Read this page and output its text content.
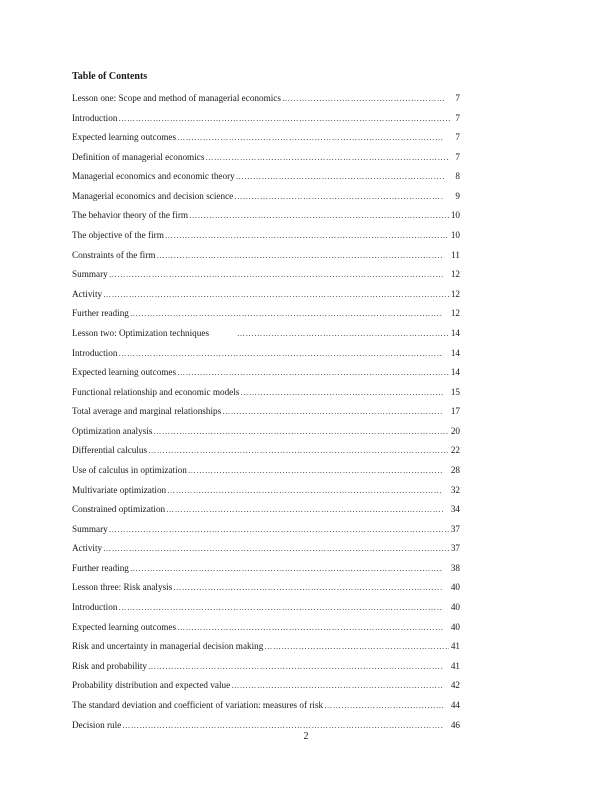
Table of Contents
Lesson one: Scope and method of managerial economics …………………………………………………………………………………………………………………………………………………………………………	7
Introduction …………………………………………………………………………………………………………………………………………………………………………	7
Expected learning outcomes …………………………………………………………………………………………………………………………………………………………………………	7
Definition of managerial economics …………………………………………………………………………………………………………………………………………………………………………	7
Managerial economics and economic theory …………………………………………………………………………………………………………………………………………………………………………	8
Managerial economics and decision science …………………………………………………………………………………………………………………………………………………………………………	9
The behavior theory of the firm …………………………………………………………………………………………………………………………………………………………………………	10
The objective of the firm …………………………………………………………………………………………………………………………………………………………………………	10
Constraints of the firm …………………………………………………………………………………………………………………………………………………………………………	11
Summary …………………………………………………………………………………………………………………………………………………………………………	12
Activity …………………………………………………………………………………………………………………………………………………………………………	12
Further reading …………………………………………………………………………………………………………………………………………………………………………	12
Lesson two: Optimization techniques …………………………………………………………………………………………………………………………………………………………………………	14
Introduction …………………………………………………………………………………………………………………………………………………………………………	14
Expected learning outcomes …………………………………………………………………………………………………………………………………………………………………………	14
Functional relationship and economic models …………………………………………………………………………………………………………………………………………………………………………	15
Total average and marginal relationships …………………………………………………………………………………………………………………………………………………………………………	17
Optimization analysis …………………………………………………………………………………………………………………………………………………………………………	20
Differential calculus …………………………………………………………………………………………………………………………………………………………………………	22
Use of calculus in optimization …………………………………………………………………………………………………………………………………………………………………………	28
Multivariate optimization …………………………………………………………………………………………………………………………………………………………………………	32
Constrained optimization …………………………………………………………………………………………………………………………………………………………………………	34
Summary …………………………………………………………………………………………………………………………………………………………………………	37
Activity …………………………………………………………………………………………………………………………………………………………………………	37
Further reading …………………………………………………………………………………………………………………………………………………………………………	38
Lesson three: Risk analysis …………………………………………………………………………………………………………………………………………………………………………	40
Introduction …………………………………………………………………………………………………………………………………………………………………………	40
Expected learning outcomes …………………………………………………………………………………………………………………………………………………………………………	40
Risk and uncertainty in managerial decision making …………………………………………………………………………………………………………………………………………………………………………	41
Risk and probability …………………………………………………………………………………………………………………………………………………………………………	41
Probability distribution and expected value …………………………………………………………………………………………………………………………………………………………………………	42
The standard deviation and coefficient of variation: measures of risk …………………………………………………………………………………………………………………………………………………………………………	44
Decision rule …………………………………………………………………………………………………………………………………………………………………………	46
2
